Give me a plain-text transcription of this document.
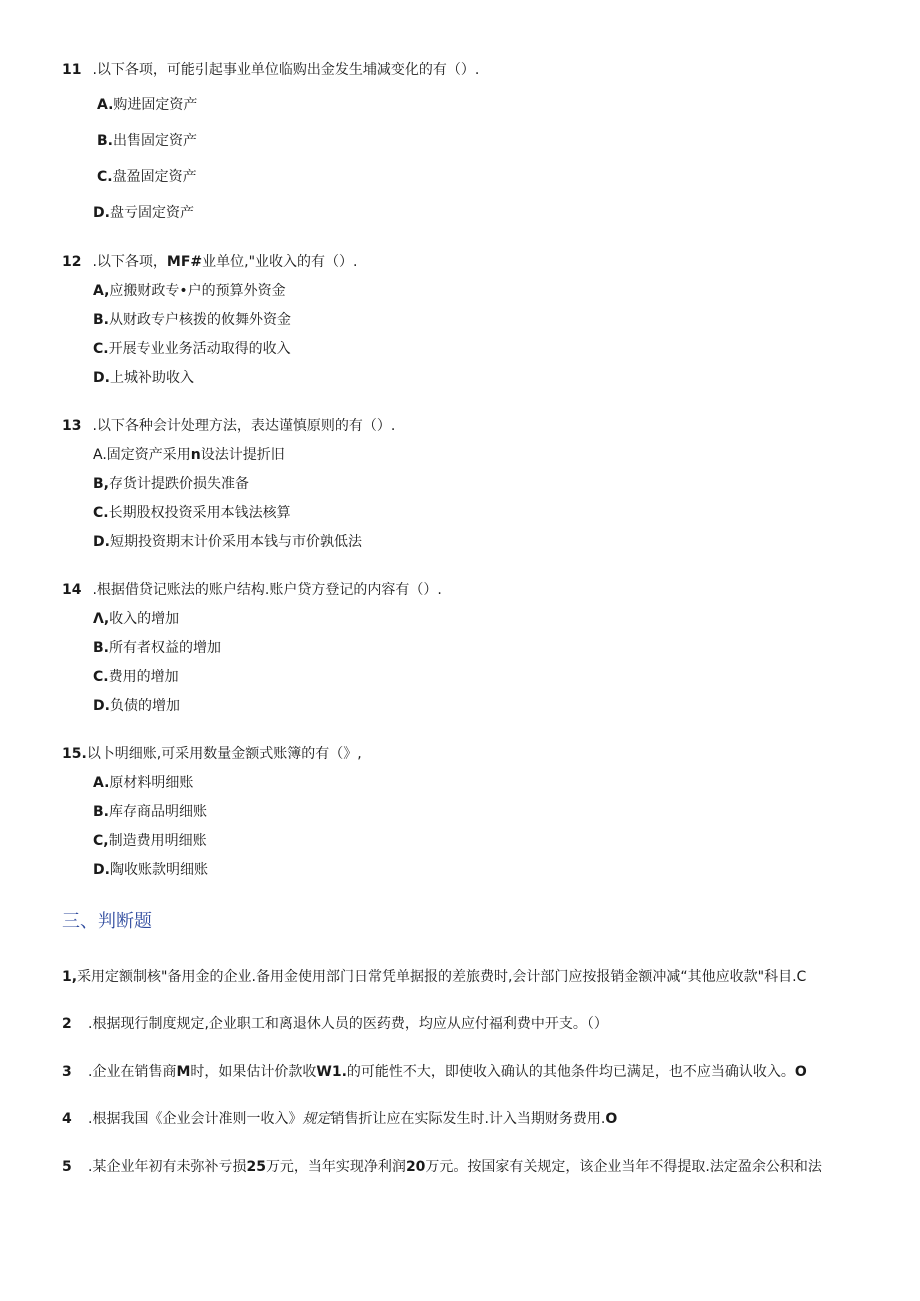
11 .以下各项，可能引起事业单位临购出金发生埔减变化的有（）.
A.购进固定资产
B.出售固定资产
C.盘盈固定资产
D.盘亏固定资产
12 .以下各项，MF#业单位,"业收入的有（）.
A,应搬财政专•户的预算外资金
B.从财政专户核拨的攸舞外资金
C.开展专业业务活动取得的收入
D.上城补助收入
13 .以下各种会计处理方法，表达谨慎原则的有（）.
A.固定资产采用n设法计提折旧
B,存货计提跌价损失准备
C.长期股权投资采用本钱法核算
D.短期投资期末计价采用本钱与市价孰低法
14 .根据借贷记账法的账户结构.账户贷方登记的内容有（）.
Λ,收入的增加
B.所有者权益的增加
C.费用的增加
D.负债的增加
15.以卜明细账,可采用数量金额式账簿的有（》,
A.原材料明细账
B.库存商品明细账
C,制造费用明细账
D.陶收账款明细账
三、判断题
1,采用定额制核"备用金的企业.备用金使用部门日常凭单据报的差旅费时,会计部门应按报销金额冲减“其他应收款"科目.C
2 .根据现行制度规定,企业职工和离退休人员的医药费，均应从应付福利费中开支。（）
3 .企业在销售商M时，如果估计价款收W1.的可能性不大，即使收入确认的其他条件均已满足，也不应当确认收入。O
4 .根据我国《企业会计准则一收入》规定销售折让应在实际发生时.计入当期财务费用.O
5 .某企业年初有未弥补亏损25万元，当年实现净利润20万元。按国家有关规定，该企业当年不得提取.法定盈余公积和法
